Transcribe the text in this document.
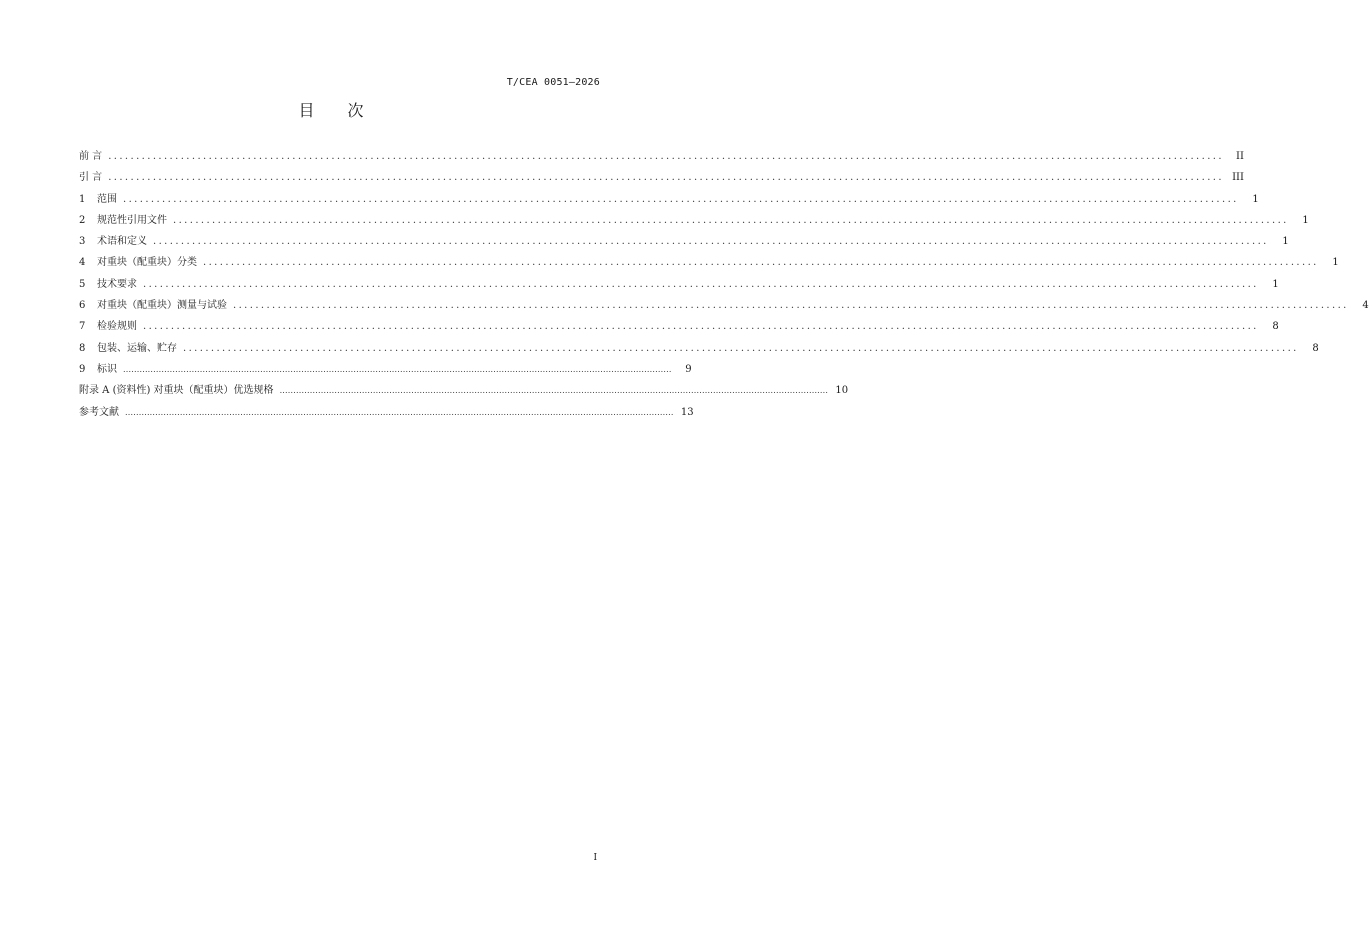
T/CEA 0051—2026
目 次
前 言 ........................................................................................................................................................................................................	II
引 言 ........................................................................................................................................................................................................ III
1 范围 ........................................................................................................................................................................................................	1
2 规范性引用文件 ........................................................................................................................................................................................................	1
3 术语和定义 ........................................................................................................................................................................................................	1
4 对重块（配重块）分类 ........................................................................................................................................................................................................	1
5 技术要求 ........................................................................................................................................................................................................	1
6 对重块（配重块）测量与试验 ........................................................................................................................................................................................................	4
7 检验规则 ........................................................................................................................................................................................................	8
8 包装、运输、贮存 ........................................................................................................................................................................................................	8
9 标识 ........................................................................................................................................................................................................	9
附录 A (资料性) 对重块（配重块）优选规格 ........................................................................................................................................................................................................ 10
参考文献 ........................................................................................................................................................................................................ 13
I
